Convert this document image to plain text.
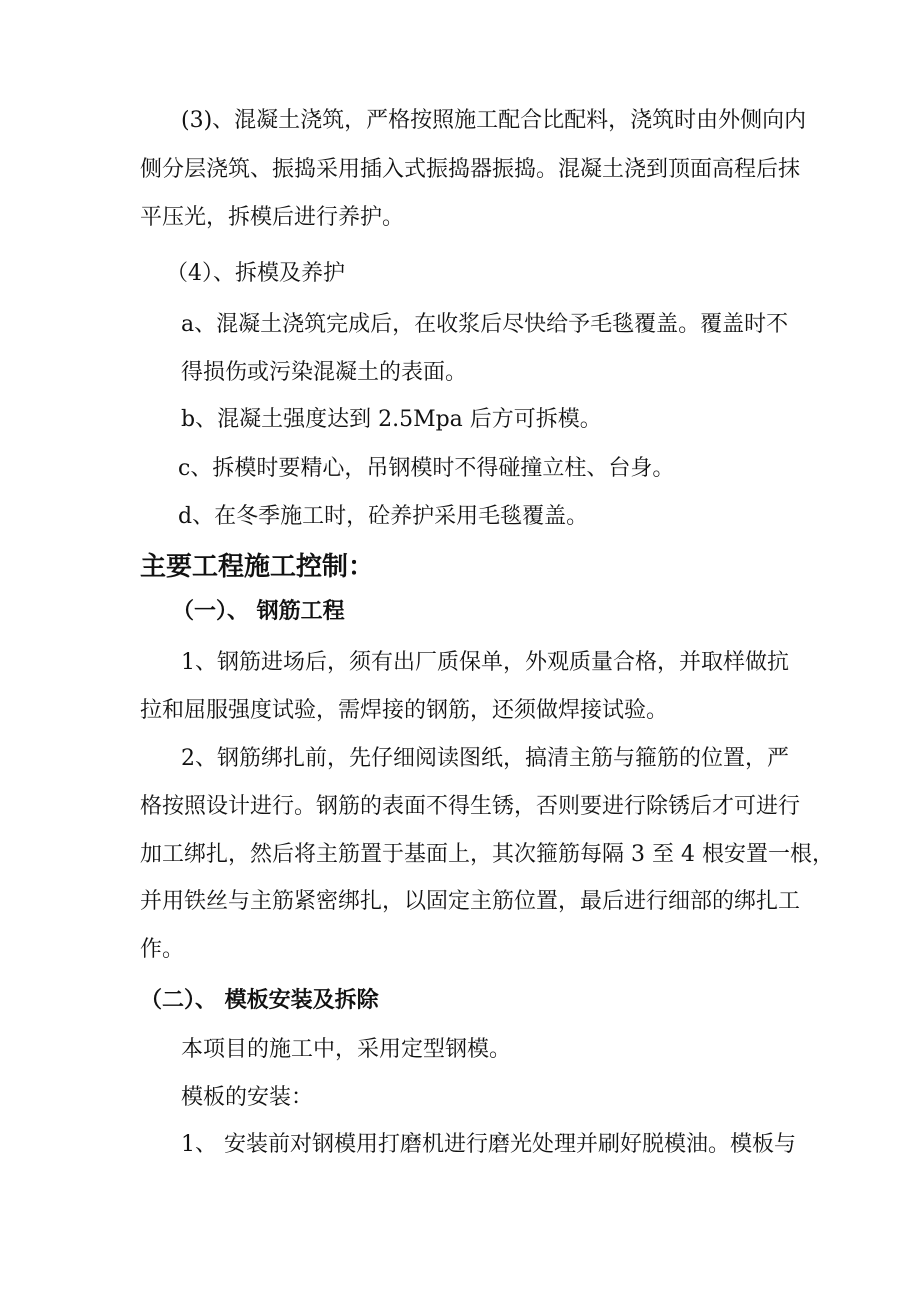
(3)、混凝土浇筑，严格按照施工配合比配料，浇筑时由外侧向内
侧分层浇筑、振捣采用插入式振捣器振捣。混凝土浇到顶面高程后抹
平压光，拆模后进行养护。
（4）、拆模及养护
a、混凝土浇筑完成后，在收浆后尽快给予毛毯覆盖。覆盖时不
得损伤或污染混凝土的表面。
b、混凝土强度达到 2.5Mpa 后方可拆模。
c、拆模时要精心，吊钢模时不得碰撞立柱、台身。
d、在冬季施工时，砼养护采用毛毯覆盖。
主要工程施工控制：
（一）、 钢筋工程
1、钢筋进场后，须有出厂质保单，外观质量合格，并取样做抗
拉和屈服强度试验，需焊接的钢筋，还须做焊接试验。
2、钢筋绑扎前，先仔细阅读图纸，搞清主筋与箍筋的位置，严
格按照设计进行。钢筋的表面不得生锈，否则要进行除锈后才可进行
加工绑扎，然后将主筋置于基面上，其次箍筋每隔 3 至 4 根安置一根，
并用铁丝与主筋紧密绑扎，以固定主筋位置，最后进行细部的绑扎工
作。
（二）、 模板安装及拆除
本项目的施工中，采用定型钢模。
模板的安装：
1、 安装前对钢模用打磨机进行磨光处理并刷好脱模油。模板与
